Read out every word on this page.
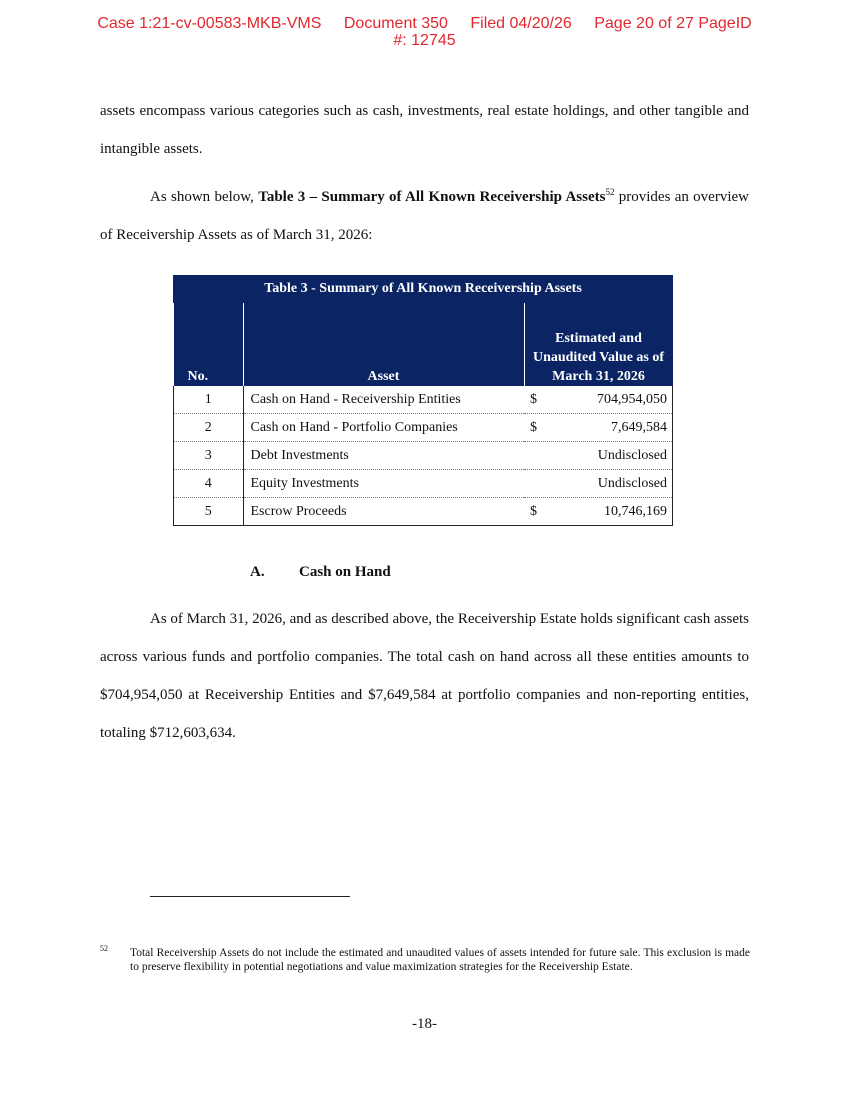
Case 1:21-cv-00583-MKB-VMS Document 350 Filed 04/20/26 Page 20 of 27 PageID
#: 12745

assets encompass various categories such as cash, investments, real estate holdings, and other tangible and intangible assets.

As shown below, Table 3 – Summary of All Known Receivership Assets$^{52}$ provides an overview of Receivership Assets as of March 31, 2026:

Table 3 - Summary of All Known Receivership Assets		
No.	Asset	Estimated and Unaudited Value as of March 31, 2026
1	Cash on Hand - Receivership Entities	$ 704,954,050

2	Cash on Hand - Portfolio Companies	$ 7,649,584

3	Debt Investments	Undisclosed

4	Equity Investments	Undisclosed

5	Escrow Proceeds	$ 10,746,169
A. Cash on Hand

As of March 31, 2026, and as described above, the Receivership Estate holds significant cash assets across various funds and portfolio companies. The total cash on hand across all these entities amounts to $704,954,050 at Receivership Entities and $7,649,584 at portfolio companies and non-reporting entities, totaling $712,603,634.

52 Total Receivership Assets do not include the estimated and unaudited values of assets intended for future sale. This exclusion is made to preserve flexibility in potential negotiations and value maximization strategies for the Receivership Estate.
-18-
